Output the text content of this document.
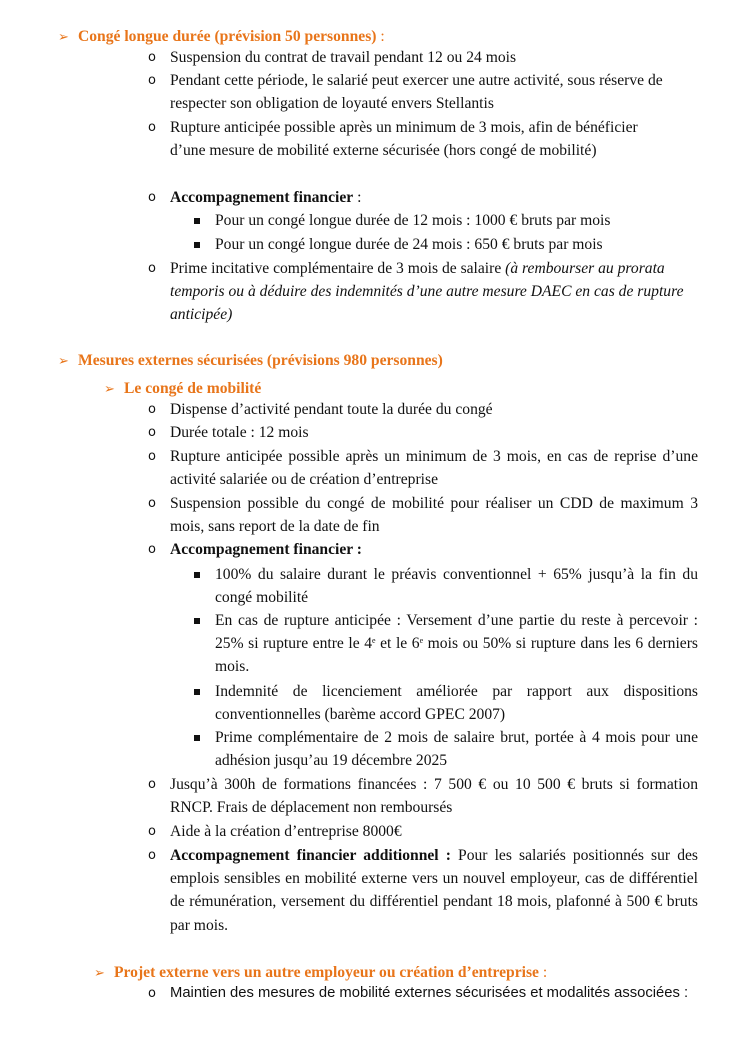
➢ Congé longue durée (prévision 50 personnes) :
o Suspension du contrat de travail pendant 12 ou 24 mois
o Pendant cette période, le salarié peut exercer une autre activité, sous réserve de respecter son obligation de loyauté envers Stellantis
o Rupture anticipée possible après un minimum de 3 mois, afin de bénéficier d’une mesure de mobilité externe sécurisée (hors congé de mobilité)
o Accompagnement financier :
Pour un congé longue durée de 12 mois : 1000 € bruts par mois
Pour un congé longue durée de 24 mois : 650 € bruts par mois
o Prime incitative complémentaire de 3 mois de salaire (à rembourser au prorata temporis ou à déduire des indemnités d’une autre mesure DAEC en cas de rupture anticipée)
➢ Mesures externes sécurisées (prévisions 980 personnes)
➢ Le congé de mobilité
o Dispense d’activité pendant toute la durée du congé
o Durée totale : 12 mois
o Rupture anticipée possible après un minimum de 3 mois, en cas de reprise d’une activité salariée ou de création d’entreprise
o Suspension possible du congé de mobilité pour réaliser un CDD de maximum 3 mois, sans report de la date de fin
o Accompagnement financier :
100% du salaire durant le préavis conventionnel + 65% jusqu’à la fin du congé mobilité
En cas de rupture anticipée : Versement d’une partie du reste à percevoir : 25% si rupture entre le 4e et le 6e mois ou 50% si rupture dans les 6 derniers mois.
Indemnité de licenciement améliorée par rapport aux dispositions conventionnelles (barème accord GPEC 2007)
Prime complémentaire de 2 mois de salaire brut, portée à 4 mois pour une adhésion jusqu’au 19 décembre 2025
o Jusqu’à 300h de formations financées : 7 500 € ou 10 500 € bruts si formation RNCP. Frais de déplacement non remboursés
o Aide à la création d’entreprise 8000€
o Accompagnement financier additionnel : Pour les salariés positionnés sur des emplois sensibles en mobilité externe vers un nouvel employeur, cas de différentiel de rémunération, versement du différentiel pendant 18 mois, plafonné à 500 € bruts par mois.
➢ Projet externe vers un autre employeur ou création d’entreprise :
o Maintien des mesures de mobilité externes sécurisées et modalités associées :
